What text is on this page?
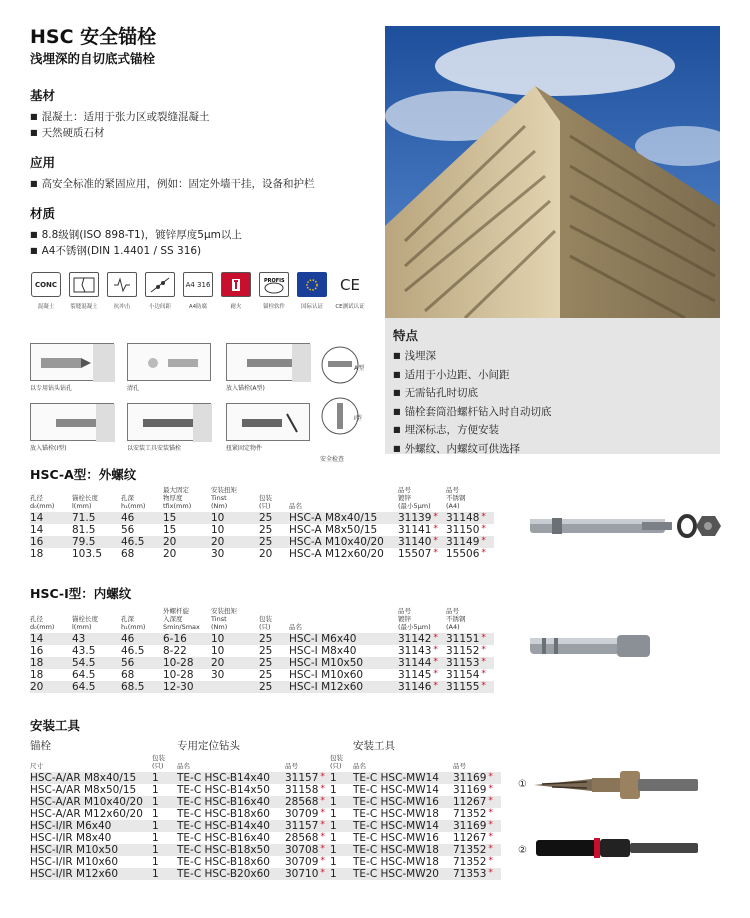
HSC 安全锚栓
浅埋深的自切底式锚栓
基材
■ 混凝土：适用于张力区或裂缝混凝土
■ 天然硬质石材
应用
■ 高安全标准的紧固应用，例如：固定外墙干挂，设备和护栏
材质
■ 8.8级钢(ISO 898-T1)，镀锌厚度5μm以上
■ A4不锈钢(DIN 1.4401 / SS 316)
CONC
混凝土	裂缝混凝土	抗冲击	小边间距
A4 316
A4防腐	耐火
PROFIS
锚栓软件	国际认证
CE
CE测试认证
特点
■ 浅埋深
■ 适用于小边距、小间距
■ 无需钻孔时切底
■ 锚栓套筒沿螺杆钻入时自动切底
■ 埋深标志，方便安装
■ 外螺纹、内螺纹可供选择
以专用钻头钻孔	清孔	放入锚栓(A型)
放入锚栓(I型)	以安装工具安装锚栓	扭紧固定物件
A型
I型
安全检查
HSC-A型：外螺纹
孔径
d₀(mm)	锚栓长度
l(mm)	孔深
h₁(mm)	最大固定
物厚度
tfix(mm)	安装扭矩
Tinst
(Nm)	包装
(只)	品名	品号
镀锌
(最小5μm)	品号
不锈钢
(A4)
14	71.5	46	15	10	25	HSC-A M8x40/15	31139 *	31148 *
14	81.5	56	15	10	25	HSC-A M8x50/15	31141 *	31150 *
16	79.5	46.5	20	20	25	HSC-A M10x40/20	31140 *	31149 *
18	103.5	68	20	30	20	HSC-A M12x60/20	15507 *	15506 *
HSC-I型：内螺纹
孔径
d₀(mm)	锚栓长度
l(mm)	孔深
h₁(mm)	外螺杆旋
入深度
Smin/Smax	安装扭矩
Tinst
(Nm)	包装
(只)	品名	品号
镀锌
(最小5μm)	品号
不锈钢
(A4)
14	43	46	6-16	10	25	HSC-I M6x40	31142 *	31151 *
16	43.5	46.5	8-22	10	25	HSC-I M8x40	31143 *	31152 *
18	54.5	56	10-28	20	25	HSC-I M10x50	31144 *	31153 *
18	64.5	68	10-28	30	25	HSC-I M10x60	31145 *	31154 *
20	64.5	68.5	12-30		25	HSC-I M12x60	31146 *	31155 *
安装工具
锚栓	专用定位钻头	安装工具
尺寸	包装
(只)	品名	品号	包装
(只)	品名	品号
HSC-A/AR M8x40/15	1	TE-C HSC-B14x40	31157 *	1	TE-C HSC-MW14	31169 *
HSC-A/AR M8x50/15	1	TE-C HSC-B14x50	31158 *	1	TE-C HSC-MW14	31169 *
HSC-A/AR M10x40/20	1	TE-C HSC-B16x40	28568 *	1	TE-C HSC-MW16	11267 *
HSC-A/AR M12x60/20	1	TE-C HSC-B18x60	30709 *	1	TE-C HSC-MW18	71352 *
HSC-I/IR M6x40	1	TE-C HSC-B14x40	31157 *	1	TE-C HSC-MW14	31169 *
HSC-I/IR M8x40	1	TE-C HSC-B16x40	28568 *	1	TE-C HSC-MW16	11267 *
HSC-I/IR M10x50	1	TE-C HSC-B18x50	30708 *	1	TE-C HSC-MW18	71352 *
HSC-I/IR M10x60	1	TE-C HSC-B18x60	30709 *	1	TE-C HSC-MW18	71352 *
HSC-I/IR M12x60	1	TE-C HSC-B20x60	30710 *	1	TE-C HSC-MW20	71353 *
①
②
